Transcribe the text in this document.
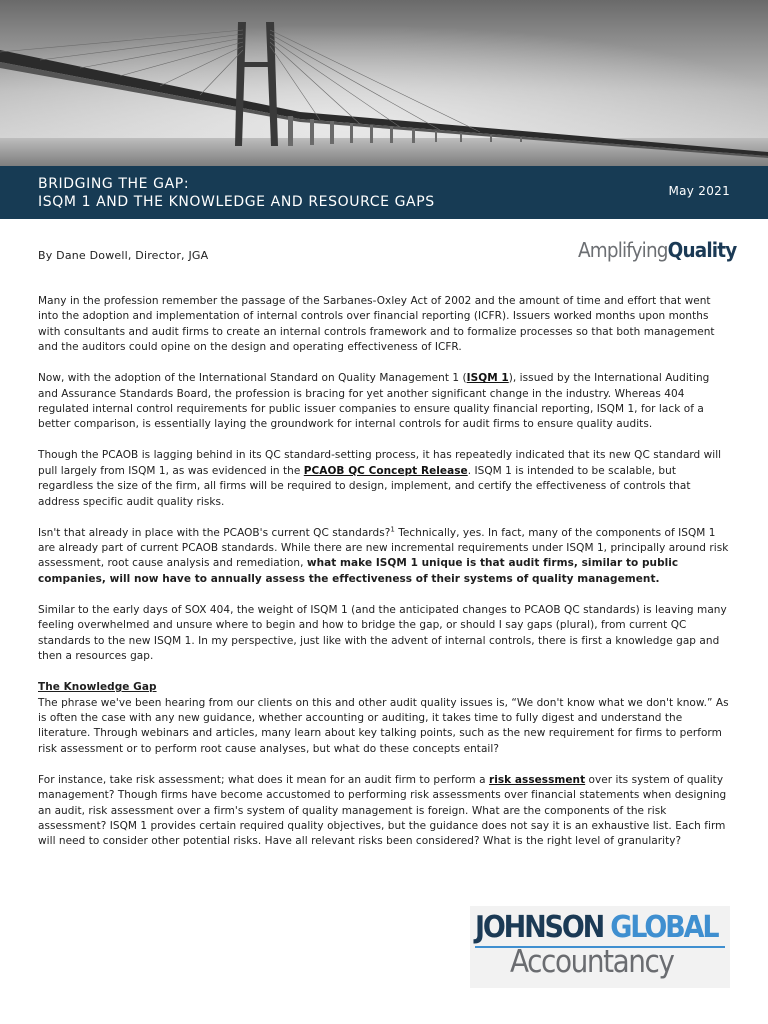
BRIDGING THE GAP:
ISQM 1 AND THE KNOWLEDGE AND RESOURCE GAPS
May 2021
By Dane Dowell, Director, JGA	AmplifyingQuality

Many in the profession remember the passage of the Sarbanes-Oxley Act of 2002 and the amount of time and effort that went into the adoption and implementation of internal controls over financial reporting (ICFR). Issuers worked months upon months with consultants and audit firms to create an internal controls framework and to formalize processes so that both management and the auditors could opine on the design and operating effectiveness of ICFR.

Now, with the adoption of the International Standard on Quality Management 1 (ISQM 1), issued by the International Auditing and Assurance Standards Board, the profession is bracing for yet another significant change in the industry. Whereas 404 regulated internal control requirements for public issuer companies to ensure quality financial reporting, ISQM 1, for lack of a better comparison, is essentially laying the groundwork for internal controls for audit firms to ensure quality audits.

Though the PCAOB is lagging behind in its QC standard-setting process, it has repeatedly indicated that its new QC standard will pull largely from ISQM 1, as was evidenced in the PCAOB QC Concept Release. ISQM 1 is intended to be scalable, but regardless the size of the firm, all firms will be required to design, implement, and certify the effectiveness of controls that address specific audit quality risks.

Isn't that already in place with the PCAOB's current QC standards?$^1$ Technically, yes. In fact, many of the components of ISQM 1 are already part of current PCAOB standards. While there are new incremental requirements under ISQM 1, principally around risk assessment, root cause analysis and remediation, what make ISQM 1 unique is that audit firms, similar to public companies, will now have to annually assess the effectiveness of their systems of quality management.

Similar to the early days of SOX 404, the weight of ISQM 1 (and the anticipated changes to PCAOB QC standards) is leaving many feeling overwhelmed and unsure where to begin and how to bridge the gap, or should I say gaps (plural), from current QC standards to the new ISQM 1. In my perspective, just like with the advent of internal controls, there is first a knowledge gap and then a resources gap.

The Knowledge Gap

The phrase we've been hearing from our clients on this and other audit quality issues is, “We don't know what we don't know.” As is often the case with any new guidance, whether accounting or auditing, it takes time to fully digest and understand the literature. Through webinars and articles, many learn about key talking points, such as the new requirement for firms to perform risk assessment or to perform root cause analyses, but what do these concepts entail?

For instance, take risk assessment; what does it mean for an audit firm to perform a risk assessment over its system of quality management? Though firms have become accustomed to performing risk assessments over financial statements when designing an audit, risk assessment over a firm's system of quality management is foreign. What are the components of the risk assessment? ISQM 1 provides certain required quality objectives, but the guidance does not say it is an exhaustive list. Each firm will need to consider other potential risks. Have all relevant risks been considered? What is the right level of granularity?

JOHNSON GLOBAL
Accountancy
